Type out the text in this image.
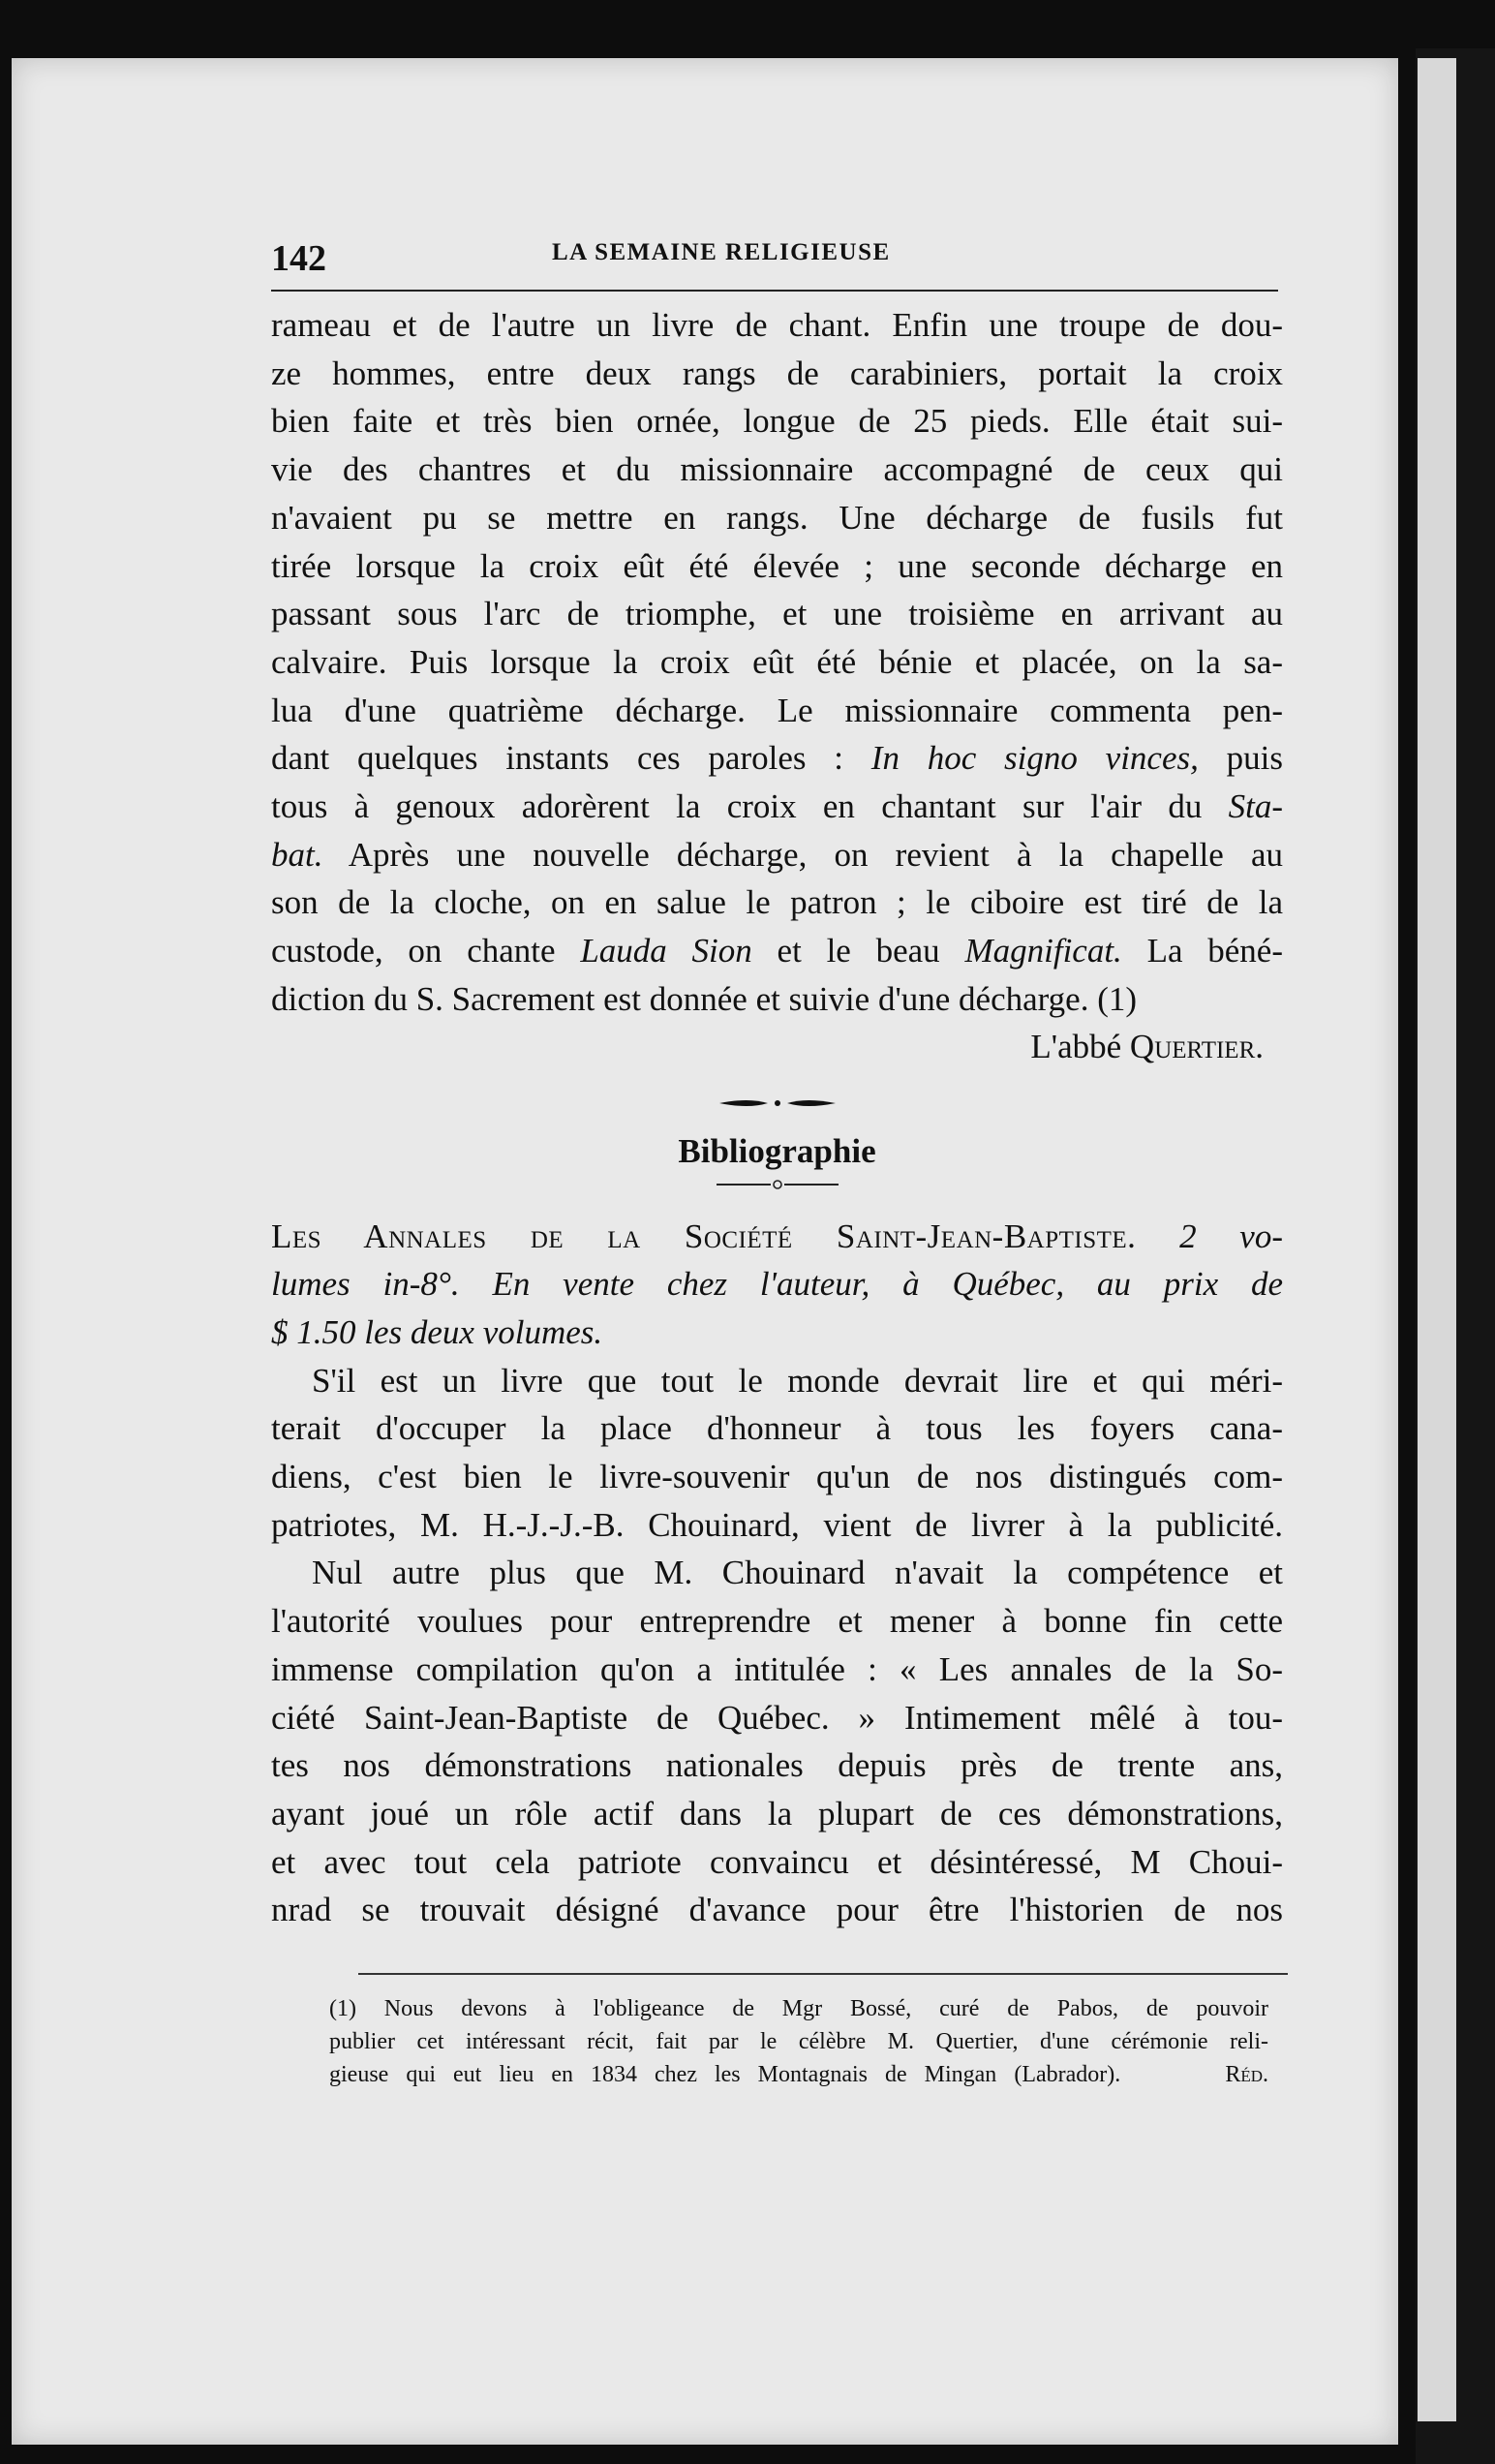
142	LA SEMAINE RELIGIEUSE
rameau et de l'autre un livre de chant. Enfin une troupe de dou-
ze hommes, entre deux rangs de carabiniers, portait la croix
bien faite et très bien ornée, longue de 25 pieds. Elle était sui-
vie des chantres et du missionnaire accompagné de ceux qui
n'avaient pu se mettre en rangs. Une décharge de fusils fut
tirée lorsque la croix eût été élevée ; une seconde décharge en
passant sous l'arc de triomphe, et une troisième en arrivant au
calvaire. Puis lorsque la croix eût été bénie et placée, on la sa-
lua d'une quatrième décharge. Le missionnaire commenta pen-
dant quelques instants ces paroles : In hoc signo vinces, puis
tous à genoux adorèrent la croix en chantant sur l'air du Sta-
bat. Après une nouvelle décharge, on revient à la chapelle au
son de la cloche, on en salue le patron ; le ciboire est tiré de la
custode, on chante Lauda Sion et le beau Magnificat. La béné-
diction du S. Sacrement est donnée et suivie d'une décharge. (1)
L'abbé Quertier.
Bibliographie
Les Annales de la Société Saint-Jean-Baptiste. 2 vo-
lumes in-8°. En vente chez l'auteur, à Québec, au prix de
$ 1.50 les deux volumes.
S'il est un livre que tout le monde devrait lire et qui méri-
terait d'occuper la place d'honneur à tous les foyers cana-
diens, c'est bien le livre-souvenir qu'un de nos distingués com-
patriotes, M. H.-J.-J.-B. Chouinard, vient de livrer à la publicité.
Nul autre plus que M. Chouinard n'avait la compétence et
l'autorité voulues pour entreprendre et mener à bonne fin cette
immense compilation qu'on a intitulée : « Les annales de la So-
ciété Saint-Jean-Baptiste de Québec. » Intimement mêlé à tou-
tes nos démonstrations nationales depuis près de trente ans,
ayant joué un rôle actif dans la plupart de ces démonstrations,
et avec tout cela patriote convaincu et désintéressé, M Choui-
nrad se trouvait désigné d'avance pour être l'historien de nos
(1) Nous devons à l'obligeance de Mgr Bossé, curé de Pabos, de pouvoir
publier cet intéressant récit, fait par le célèbre M. Quertier, d'une cérémonie reli-
gieuse qui eut lieu en 1834 chez les Montagnais de Mingan (Labrador).	Réd.
